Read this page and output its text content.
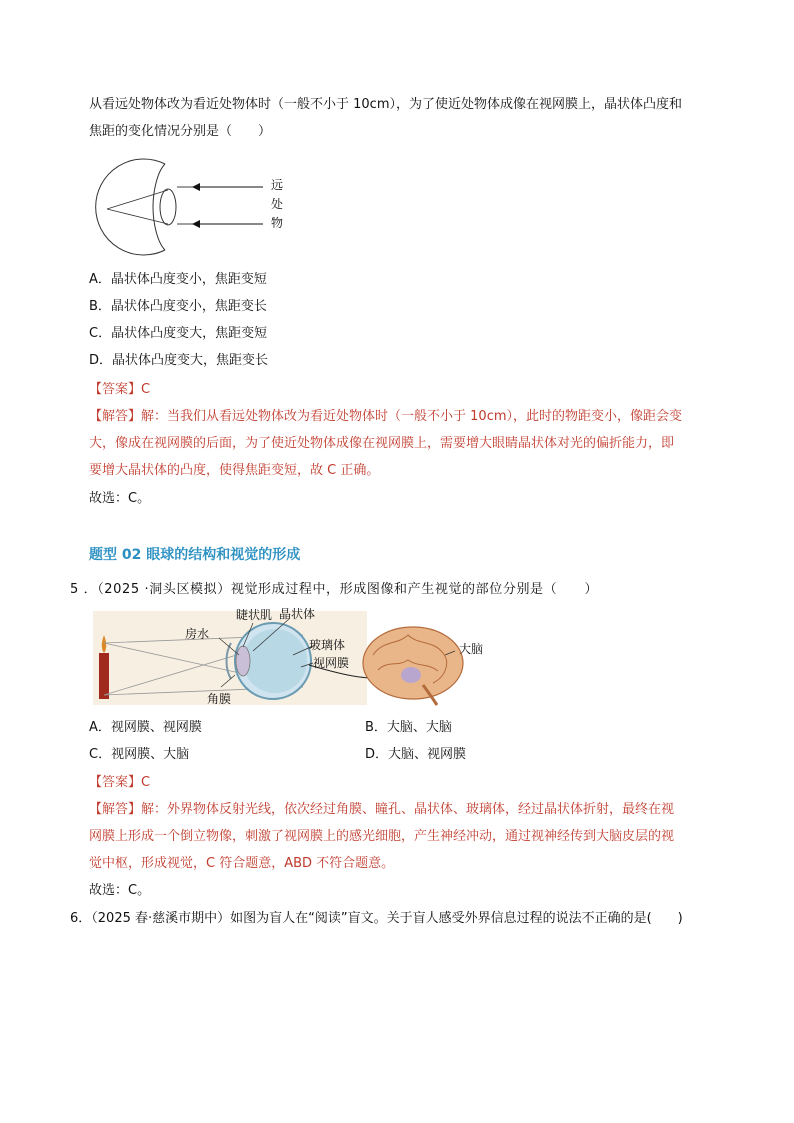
从看远处物体改为看近处物体时（一般不小于 10cm），为了使近处物体成像在视网膜上，晶状体凸度和
焦距的变化情况分别是（　　）
远
处
物
A．晶状体凸度变小，焦距变短
B．晶状体凸度变小，焦距变长
C．晶状体凸度变大，焦距变短
D．晶状体凸度变大，焦距变长
【答案】C
【解答】解：当我们从看远处物体改为看近处物体时（一般不小于 10cm），此时的物距变小，像距会变
大，像成在视网膜的后面，为了使近处物体成像在视网膜上，需要增大眼睛晶状体对光的偏折能力，即
要增大晶状体的凸度，使得焦距变短，故 C 正确。
故选：C。
题型 02 眼球的结构和视觉的形成
5 ．（2025 ·洞头区模拟）视觉形成过程中，形成图像和产生视觉的部位分别是（　　）
睫状肌 晶状体
房水
玻璃体
视网膜
角膜
大脑
A．视网膜、视网膜	B．大脑、大脑
C．视网膜、大脑	D．大脑、视网膜
【答案】C
【解答】解：外界物体反射光线，依次经过角膜、瞳孔、晶状体、玻璃体，经过晶状体折射，最终在视
网膜上形成一个倒立物像，刺激了视网膜上的感光细胞，产生神经冲动，通过视神经传到大脑皮层的视
觉中枢，形成视觉，C 符合题意，ABD 不符合题意。
故选：C。
6．（2025 春·慈溪市期中）如图为盲人在“阅读”盲文。关于盲人感受外界信息过程的说法不正确的是(　　)
